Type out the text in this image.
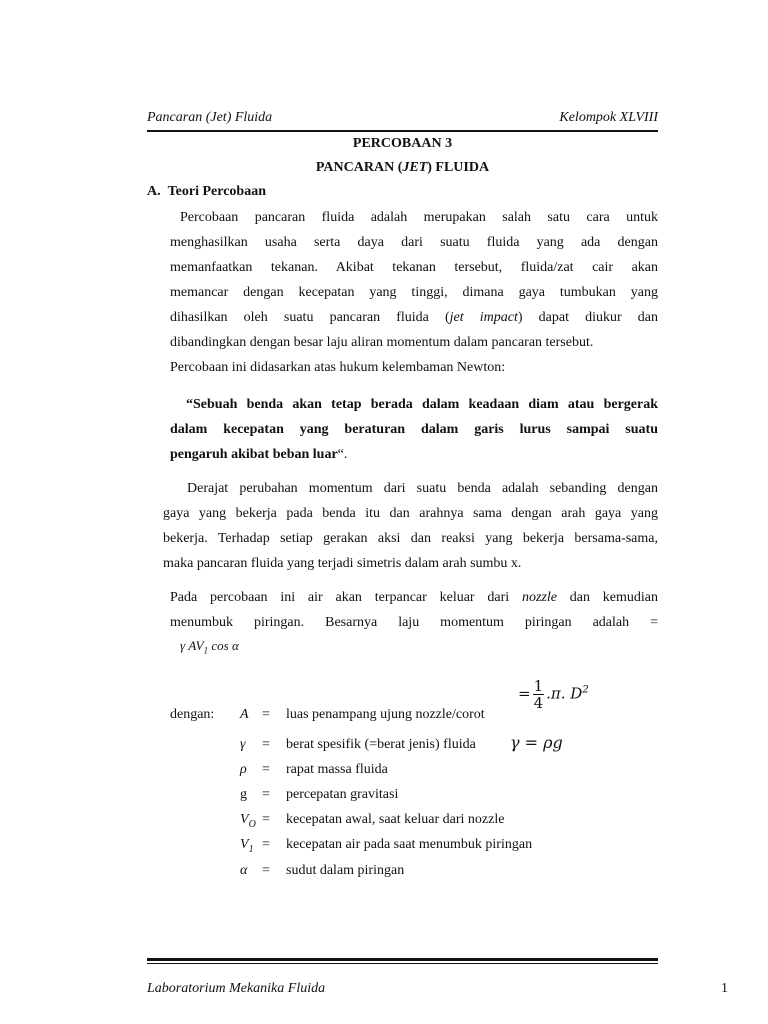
Pancaran (Jet) Fluida	Kelompok XLVIII
PERCOBAAN 3
PANCARAN (JET) FLUIDA
A. Teori Percobaan
Percobaan pancaran fluida adalah merupakan salah satu cara untuk
menghasilkan usaha serta daya dari suatu fluida yang ada dengan
memanfaatkan tekanan. Akibat tekanan tersebut, fluida/zat cair akan
memancar dengan kecepatan yang tinggi, dimana gaya tumbukan yang
dihasilkan oleh suatu pancaran fluida (jet impact) dapat diukur dan
dibandingkan dengan besar laju aliran momentum dalam pancaran tersebut.
Percobaan ini didasarkan atas hukum kelembaman Newton:
“Sebuah benda akan tetap berada dalam keadaan diam atau bergerak
dalam kecepatan yang beraturan dalam garis lurus sampai suatu
pengaruh akibat beban luar“.
Derajat perubahan momentum dari suatu benda adalah sebanding dengan
gaya yang bekerja pada benda itu dan arahnya sama dengan arah gaya yang
bekerja. Terhadap setiap gerakan aksi dan reaksi yang bekerja bersama-sama,
maka pancaran fluida yang terjadi simetris dalam arah sumbu x.
Pada percobaan ini air akan terpancar keluar dari nozzle dan kemudian
menumbuk piringan. Besarnya laju momentum piringan adalah =
γ $AV_1$ cos α
= $\frac{1}{4} .\pi$. $D^2$
γ = ρg
dengan: A = luas penampang ujung nozzle/corot
γ = berat spesifik (=berat jenis) fluida
ρ = rapat massa fluida
g = percepatan gravitasi
$V_O$ = kecepatan awal, saat keluar dari nozzle
$V_1$ = kecepatan air pada saat menumbuk piringan
α = sudut dalam piringan
Laboratorium Mekanika Fluida	1
